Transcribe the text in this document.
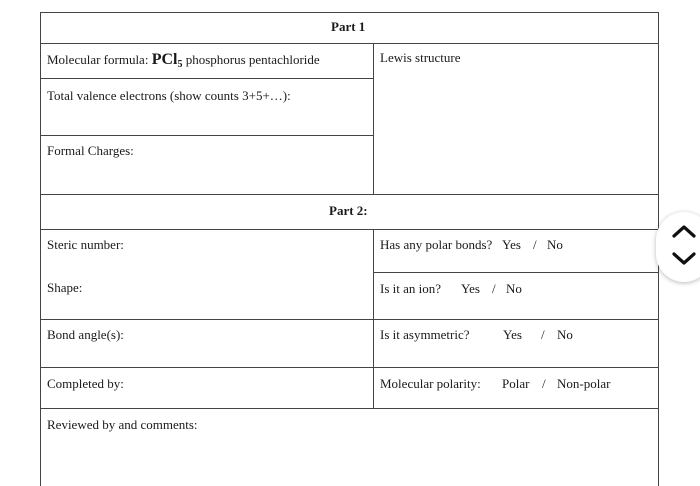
Part 1
Molecular formula: PCl$_5$ phosphorus pentachloride	Lewis structure
Total valence electrons (show counts 3+5+…):
Formal Charges:
Part 2:
Steric number:
Shape:
Bond angle(s):
Completed by:
Reviewed by and comments:
Has any polar bonds? Yes / No
Is it an ion? Yes / No
Is it asymmetric?	Yes / No
Molecular polarity: Polar / Non-polar
